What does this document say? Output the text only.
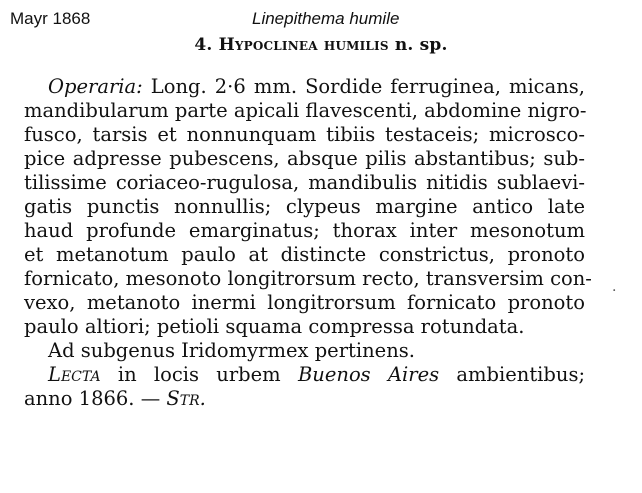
Mayr 1868	Linepithema humile
4. HYPOCLINEA HUMILIS n. sp.
Operaria: Long. 2·6 mm. Sordide ferruginea, micans,
mandibularum parte apicali flavescenti, abdomine nigro-
fusco, tarsis et nonnunquam tibiis testaceis; microsco-
pice adpresse pubescens, absque pilis abstantibus; sub-
tilissime coriaceo-rugulosa, mandibulis nitidis sublaevi-
gatis punctis nonnullis; clypeus margine antico late
haud profunde emarginatus; thorax inter mesonotum
et metanotum paulo at distincte constrictus, pronoto
fornicato, mesonoto longitrorsum recto, transversim con-
vexo, metanoto inermi longitrorsum fornicato pronoto
paulo altiori; petioli squama compressa rotundata.
Ad subgenus Iridomyrmex pertinens.
Lecta in locis urbem Buenos Aires ambientibus;
anno 1866. — Str.
·
